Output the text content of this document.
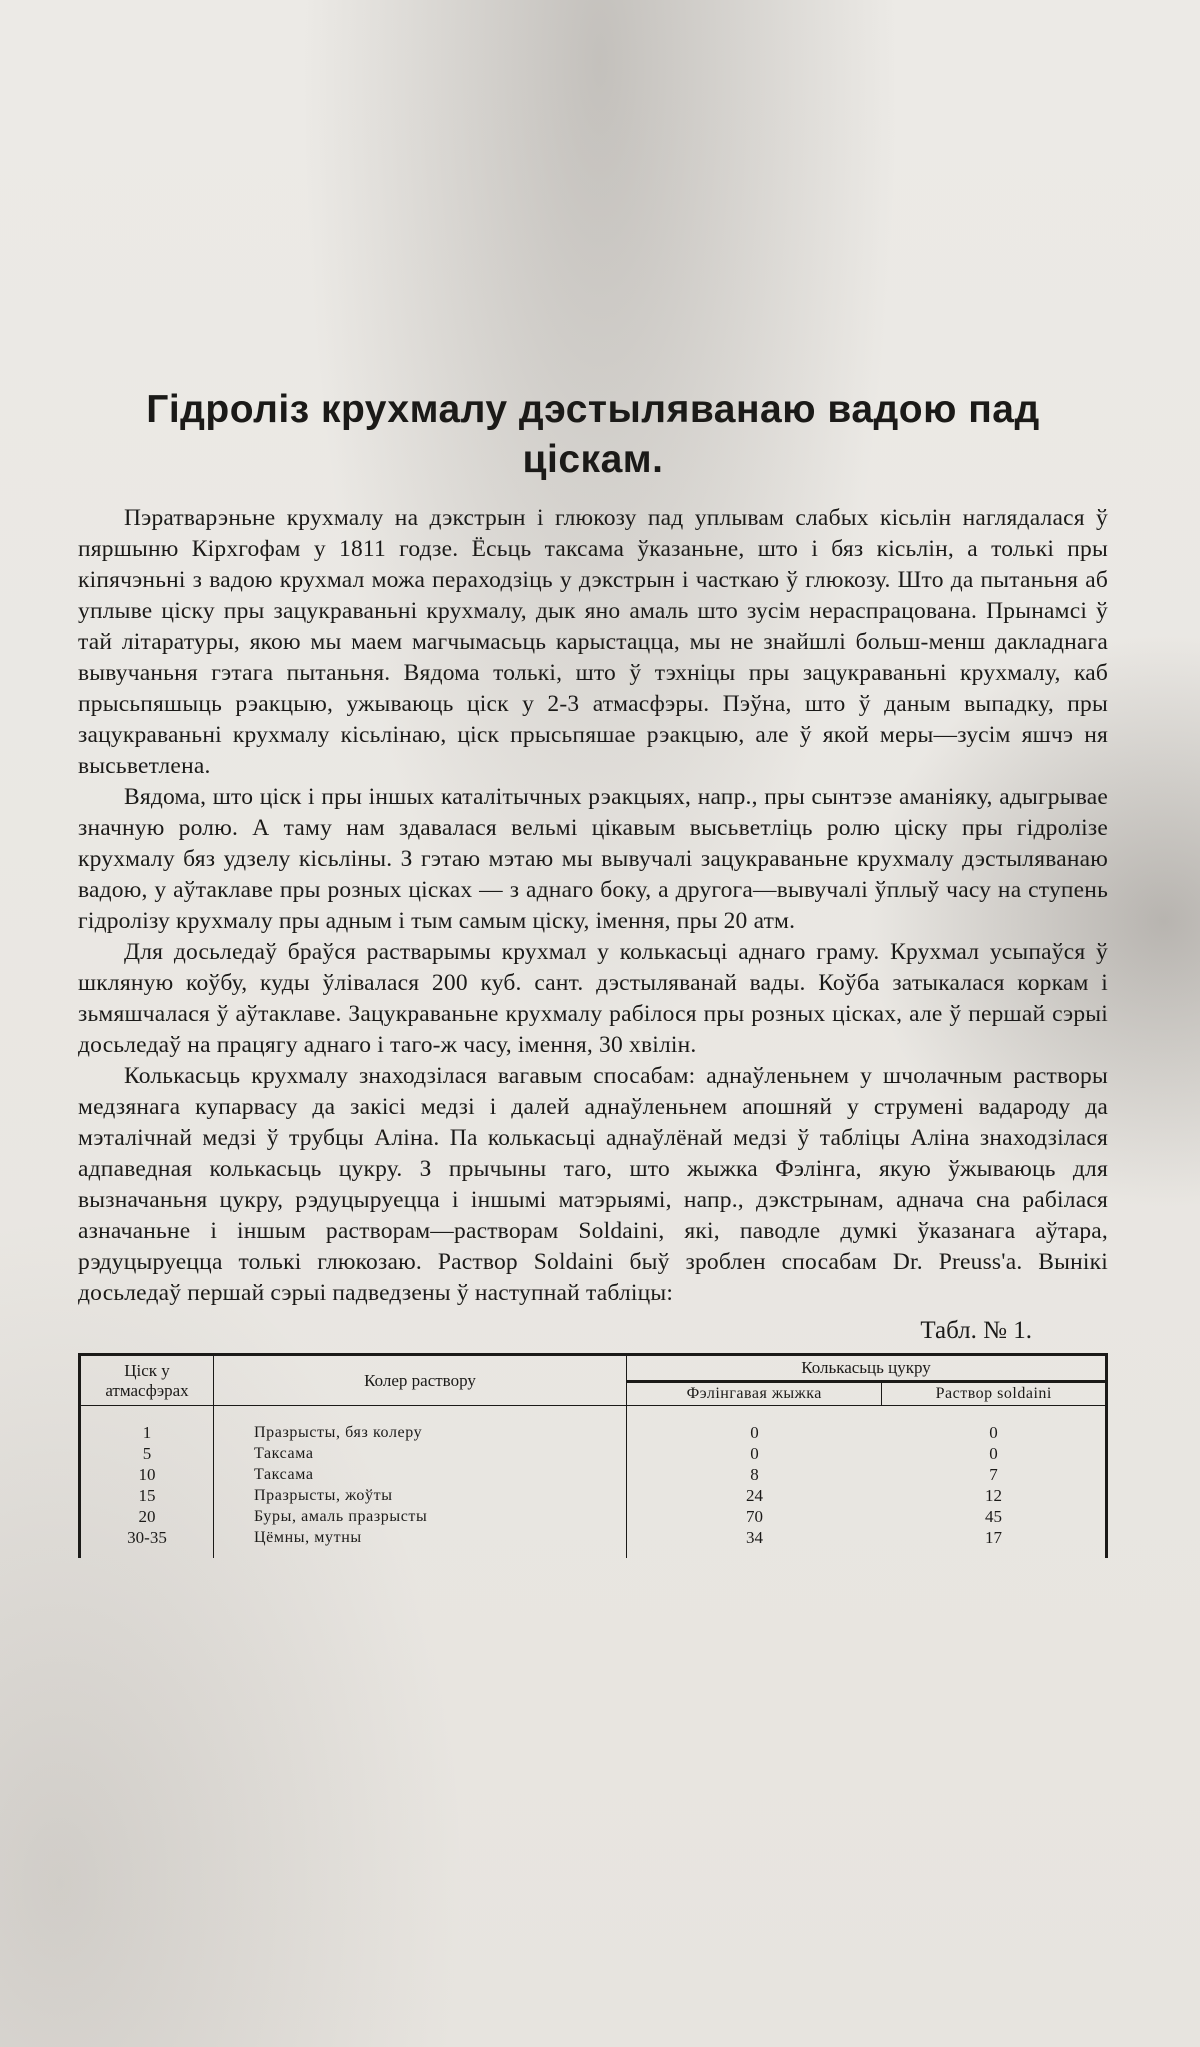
Гідроліз крухмалу дэстыляванаю вадою пад ціскам.

Пэратварэньне крухмалу на дэкстрын і глюкозу пад уплывам слабых кісьлін нaглядалася ў пяршыню Кірхгофам у 1811 годзе. Ёсьць таксама ўказаньне, што і бяз кісьлін, а толькі пры кіпячэньні з вадою крухмал можа пераходзіць у дэкстрын і часткаю ў глюкозу. Што да пытаньня аб уплыве ціску пры зацукраваньні крухмалу, дык яно амаль што зусім нераспрацована. Прынамсі ў тай літаратуры, якою мы маем магчымасьць карыстацца, мы не знайшлі больш-менш дакладнага вывучаньня гэтага пытаньня. Вядома толькі, што ў тэхніцы пры зацукраваньні крухмалу, каб прысьпяшыць рэакцыю, ужываюць ціск у 2-3 атмасфэры. Пэўна, што ў даным выпадку, пры зацукраваньні крухмалу кісьлінаю, ціск прысьпяшае рэакцыю, але ў якой меры—зусім яшчэ ня высьветлена.

Вядома, што ціск і пры іншых каталітычных рэакцыях, напр., пры сынтэзе аманіяку, адыгрывае значную ролю. А таму нам здавалася вельмі цікавым высьветліць ролю ціску пры гідролізе крухмалу бяз удзелу кісьліны. З гэтаю мэтаю мы вывучалі зацукраваньне крухмалу дэстыляванаю вадою, у аўтаклаве пры розных цісках — з аднаго боку, а другога—вывучалі ўплыў часу на ступень гідролізу крухмалу пры адным і тым самым ціску, імення, пры 20 атм.

Для досьледаў браўся растварымы крухмал у колькасьці аднаго граму. Крухмал усыпаўся ў шкляную коўбу, куды ўлівалася 200 куб. сант. дэстыляванай вады. Коўба затыкалася коркам і зьмяшчалася ў аўтаклаве. Зацукраваньне крухмалу рабілося пры розных цісках, але ў першай сэрыі досьледаў на працягу аднаго і таго-ж часу, імення, 30 хвілін.

Колькасьць крухмалу знаходзілася вагавым спосабам: аднаўленьнем у шчолачным растворы медзянага купарвасу да закісі медзі і далей аднаўленьнем апошняй у струмені вадароду да мэталічнай медзі ў трубцы Аліна. Па колькасьці аднаўлёнай медзі ў табліцы Аліна знаходзілася адпаведная колькасьць цукру. З прычыны таго, што жыжка Фэлінга, якую ўжываюць для вызначаньня цукру, рэдуцыруецца і іншымі матэрыямі, напр., дэкстрынам, аднача сна рабілася азначаньне і іншым растворам—растворам Soldaini, які, паводле думкі ўказанага аўтара, рэдуцыруецца толькі глюкозаю. Раствор Soldaini быў зроблен спосабам Dr. Preuss'a. Вынікі досьледаў першай сэрыі падведзены ў наступнай табліцы:

Табл. № 1.
Ціск у атмасфэрах	Колер раствору	Колькасьць цукру	
		Фэлінгавая жыжка	Раствор soldaini
1	Празрысты, бяз колеру	0	0
5	Таксама	0	0
10	Таксама	8	7
15	Празрысты, жоўты	24	12
20	Буры, амаль празрысты	70	45
30-35	Цёмны, мутны	34	17
